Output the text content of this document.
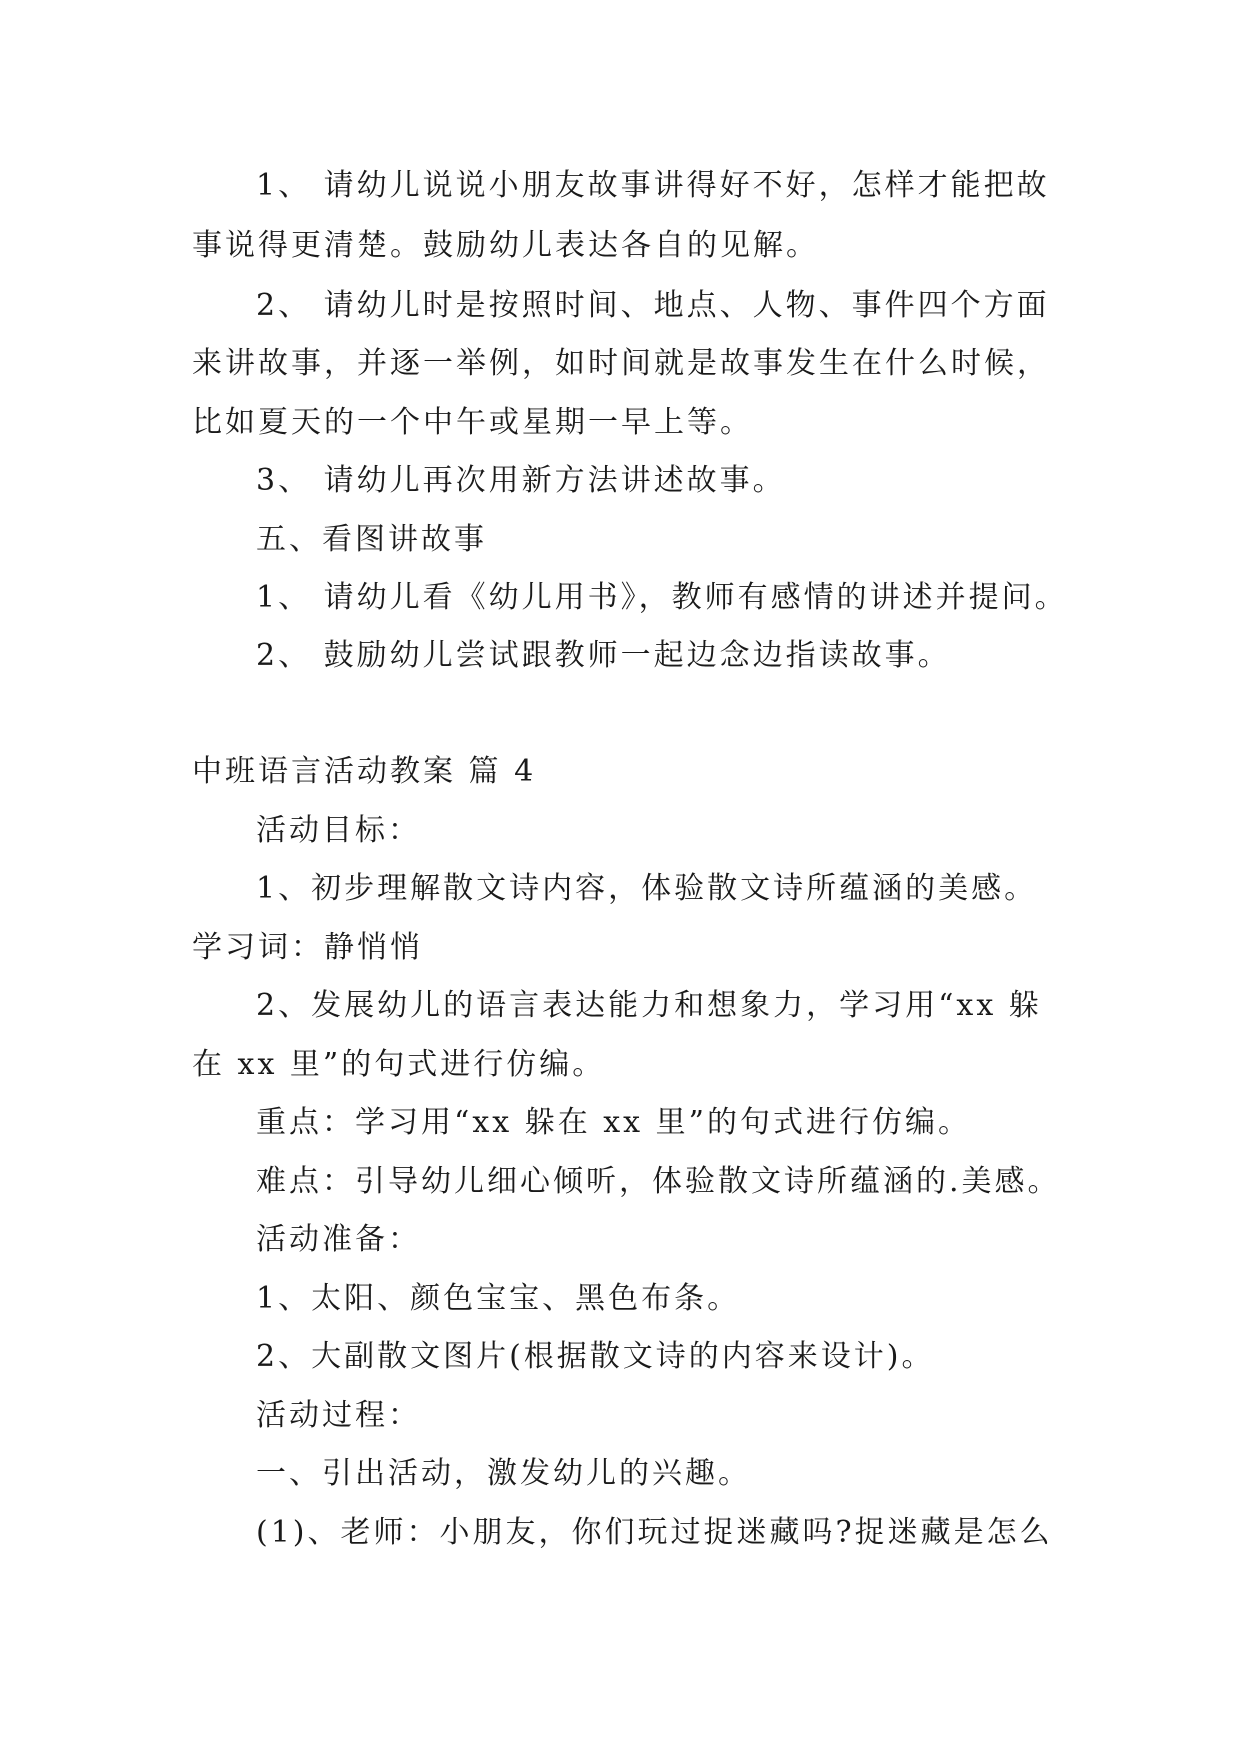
1、 请幼儿说说小朋友故事讲得好不好，怎样才能把故
事说得更清楚。鼓励幼儿表达各自的见解。
2、 请幼儿时是按照时间、地点、人物、事件四个方面
来讲故事，并逐一举例，如时间就是故事发生在什么时候，
比如夏天的一个中午或星期一早上等。
3、 请幼儿再次用新方法讲述故事。
五、看图讲故事
1、 请幼儿看《幼儿用书》，教师有感情的讲述并提问。
2、 鼓励幼儿尝试跟教师一起边念边指读故事。
中班语言活动教案 篇 4
活动目标：
1、初步理解散文诗内容，体验散文诗所蕴涵的美感。
学习词：静悄悄
2、发展幼儿的语言表达能力和想象力，学习用“xx 躲
在 xx 里”的句式进行仿编。
重点：学习用“xx 躲在 xx 里”的句式进行仿编。
难点：引导幼儿细心倾听，体验散文诗所蕴涵的.美感。
活动准备：
1、太阳、颜色宝宝、黑色布条。
2、大副散文图片(根据散文诗的内容来设计)。
活动过程：
一、引出活动，激发幼儿的兴趣。
(1)、老师：小朋友，你们玩过捉迷藏吗?捉迷藏是怎么
